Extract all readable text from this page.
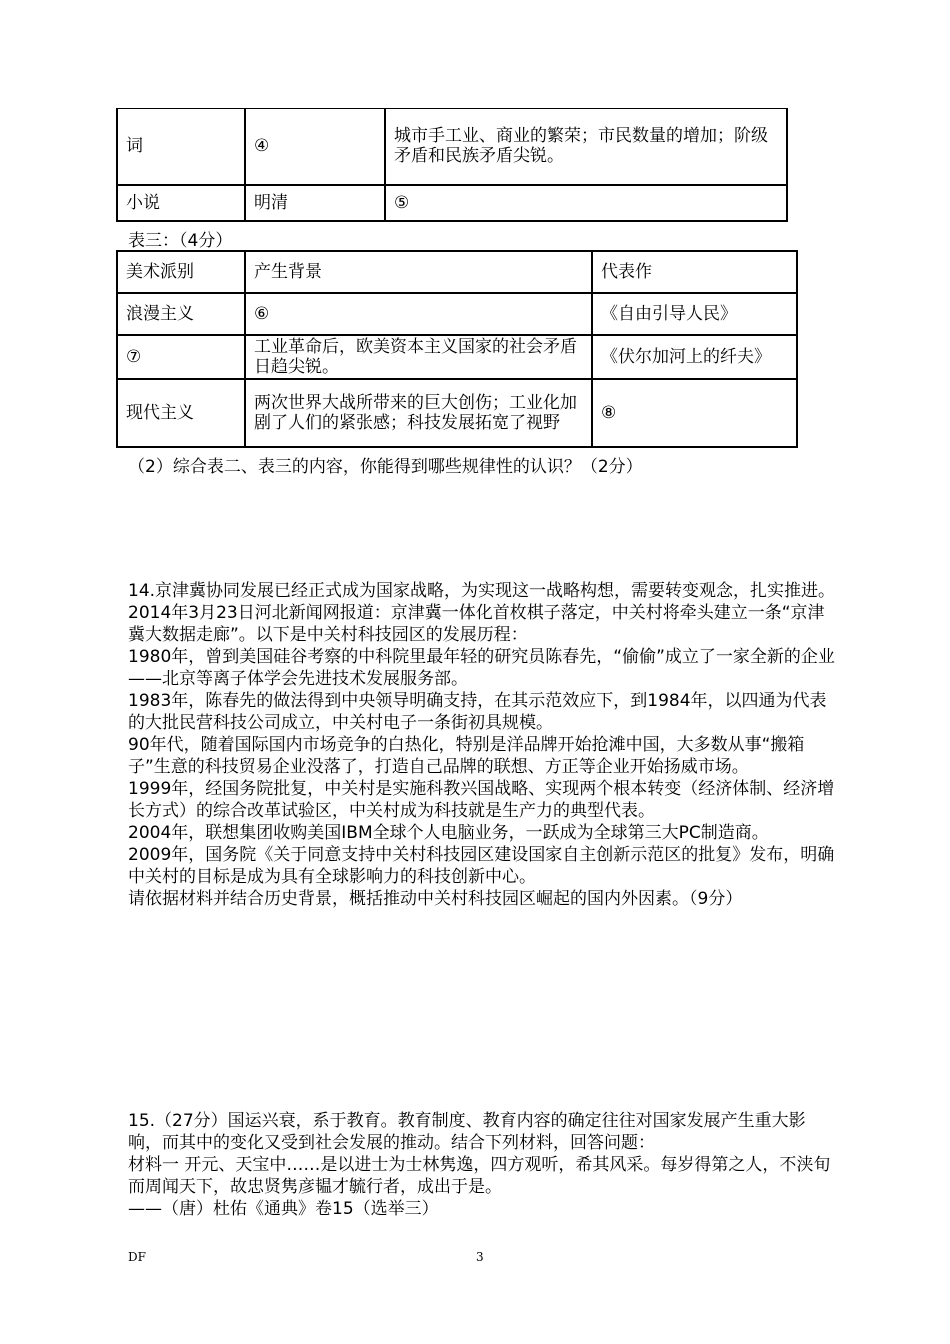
词	④	城市手工业、商业的繁荣；市民数量的增加；阶级矛盾和民族矛盾尖锐。
小说	明清	⑤
表三：（4分）
美术派别	产生背景	代表作
浪漫主义	⑥	《自由引导人民》
⑦	工业革命后，欧美资本主义国家的社会矛盾日趋尖锐。	《伏尔加河上的纤夫》
现代主义	两次世界大战所带来的巨大创伤；工业化加剧了人们的紧张感；科技发展拓宽了视野	⑧
（2）综合表二、表三的内容，你能得到哪些规律性的认识？（2分）

14.京津冀协同发展已经正式成为国家战略，为实现这一战略构想，需要转变观念，扎实推进。

2014年3月23日河北新闻网报道：京津冀一体化首枚棋子落定，中关村将牵头建立一条“京津冀大数据走廊”。以下是中关村科技园区的发展历程：

1980年，曾到美国硅谷考察的中科院里最年轻的研究员陈春先，“偷偷”成立了一家全新的企业——北京等离子体学会先进技术发展服务部。

1983年，陈春先的做法得到中央领导明确支持，在其示范效应下，到1984年，以四通为代表的大批民营科技公司成立，中关村电子一条街初具规模。

90年代，随着国际国内市场竞争的白热化，特别是洋品牌开始抢滩中国，大多数从事“搬箱子”生意的科技贸易企业没落了，打造自己品牌的联想、方正等企业开始扬威市场。

1999年，经国务院批复，中关村是实施科教兴国战略、实现两个根本转变（经济体制、经济增长方式）的综合改革试验区，中关村成为科技就是生产力的典型代表。

2004年，联想集团收购美国IBM全球个人电脑业务，一跃成为全球第三大PC制造商。

2009年，国务院《关于同意支持中关村科技园区建设国家自主创新示范区的批复》发布，明确中关村的目标是成为具有全球影响力的科技创新中心。

请依据材料并结合历史背景，概括推动中关村科技园区崛起的国内外因素。（9分）

15.（27分）国运兴衰，系于教育。教育制度、教育内容的确定往往对国家发展产生重大影响，而其中的变化又受到社会发展的推动。结合下列材料，回答问题：

材料一 开元、天宝中……是以进士为士林隽逸，四方观听，希其风采。每岁得第之人，不浃旬而周闻天下，故忠贤隽彦韫才毓行者，成出于是。

——（唐）杜佑《通典》卷15（选举三）

DF	3
